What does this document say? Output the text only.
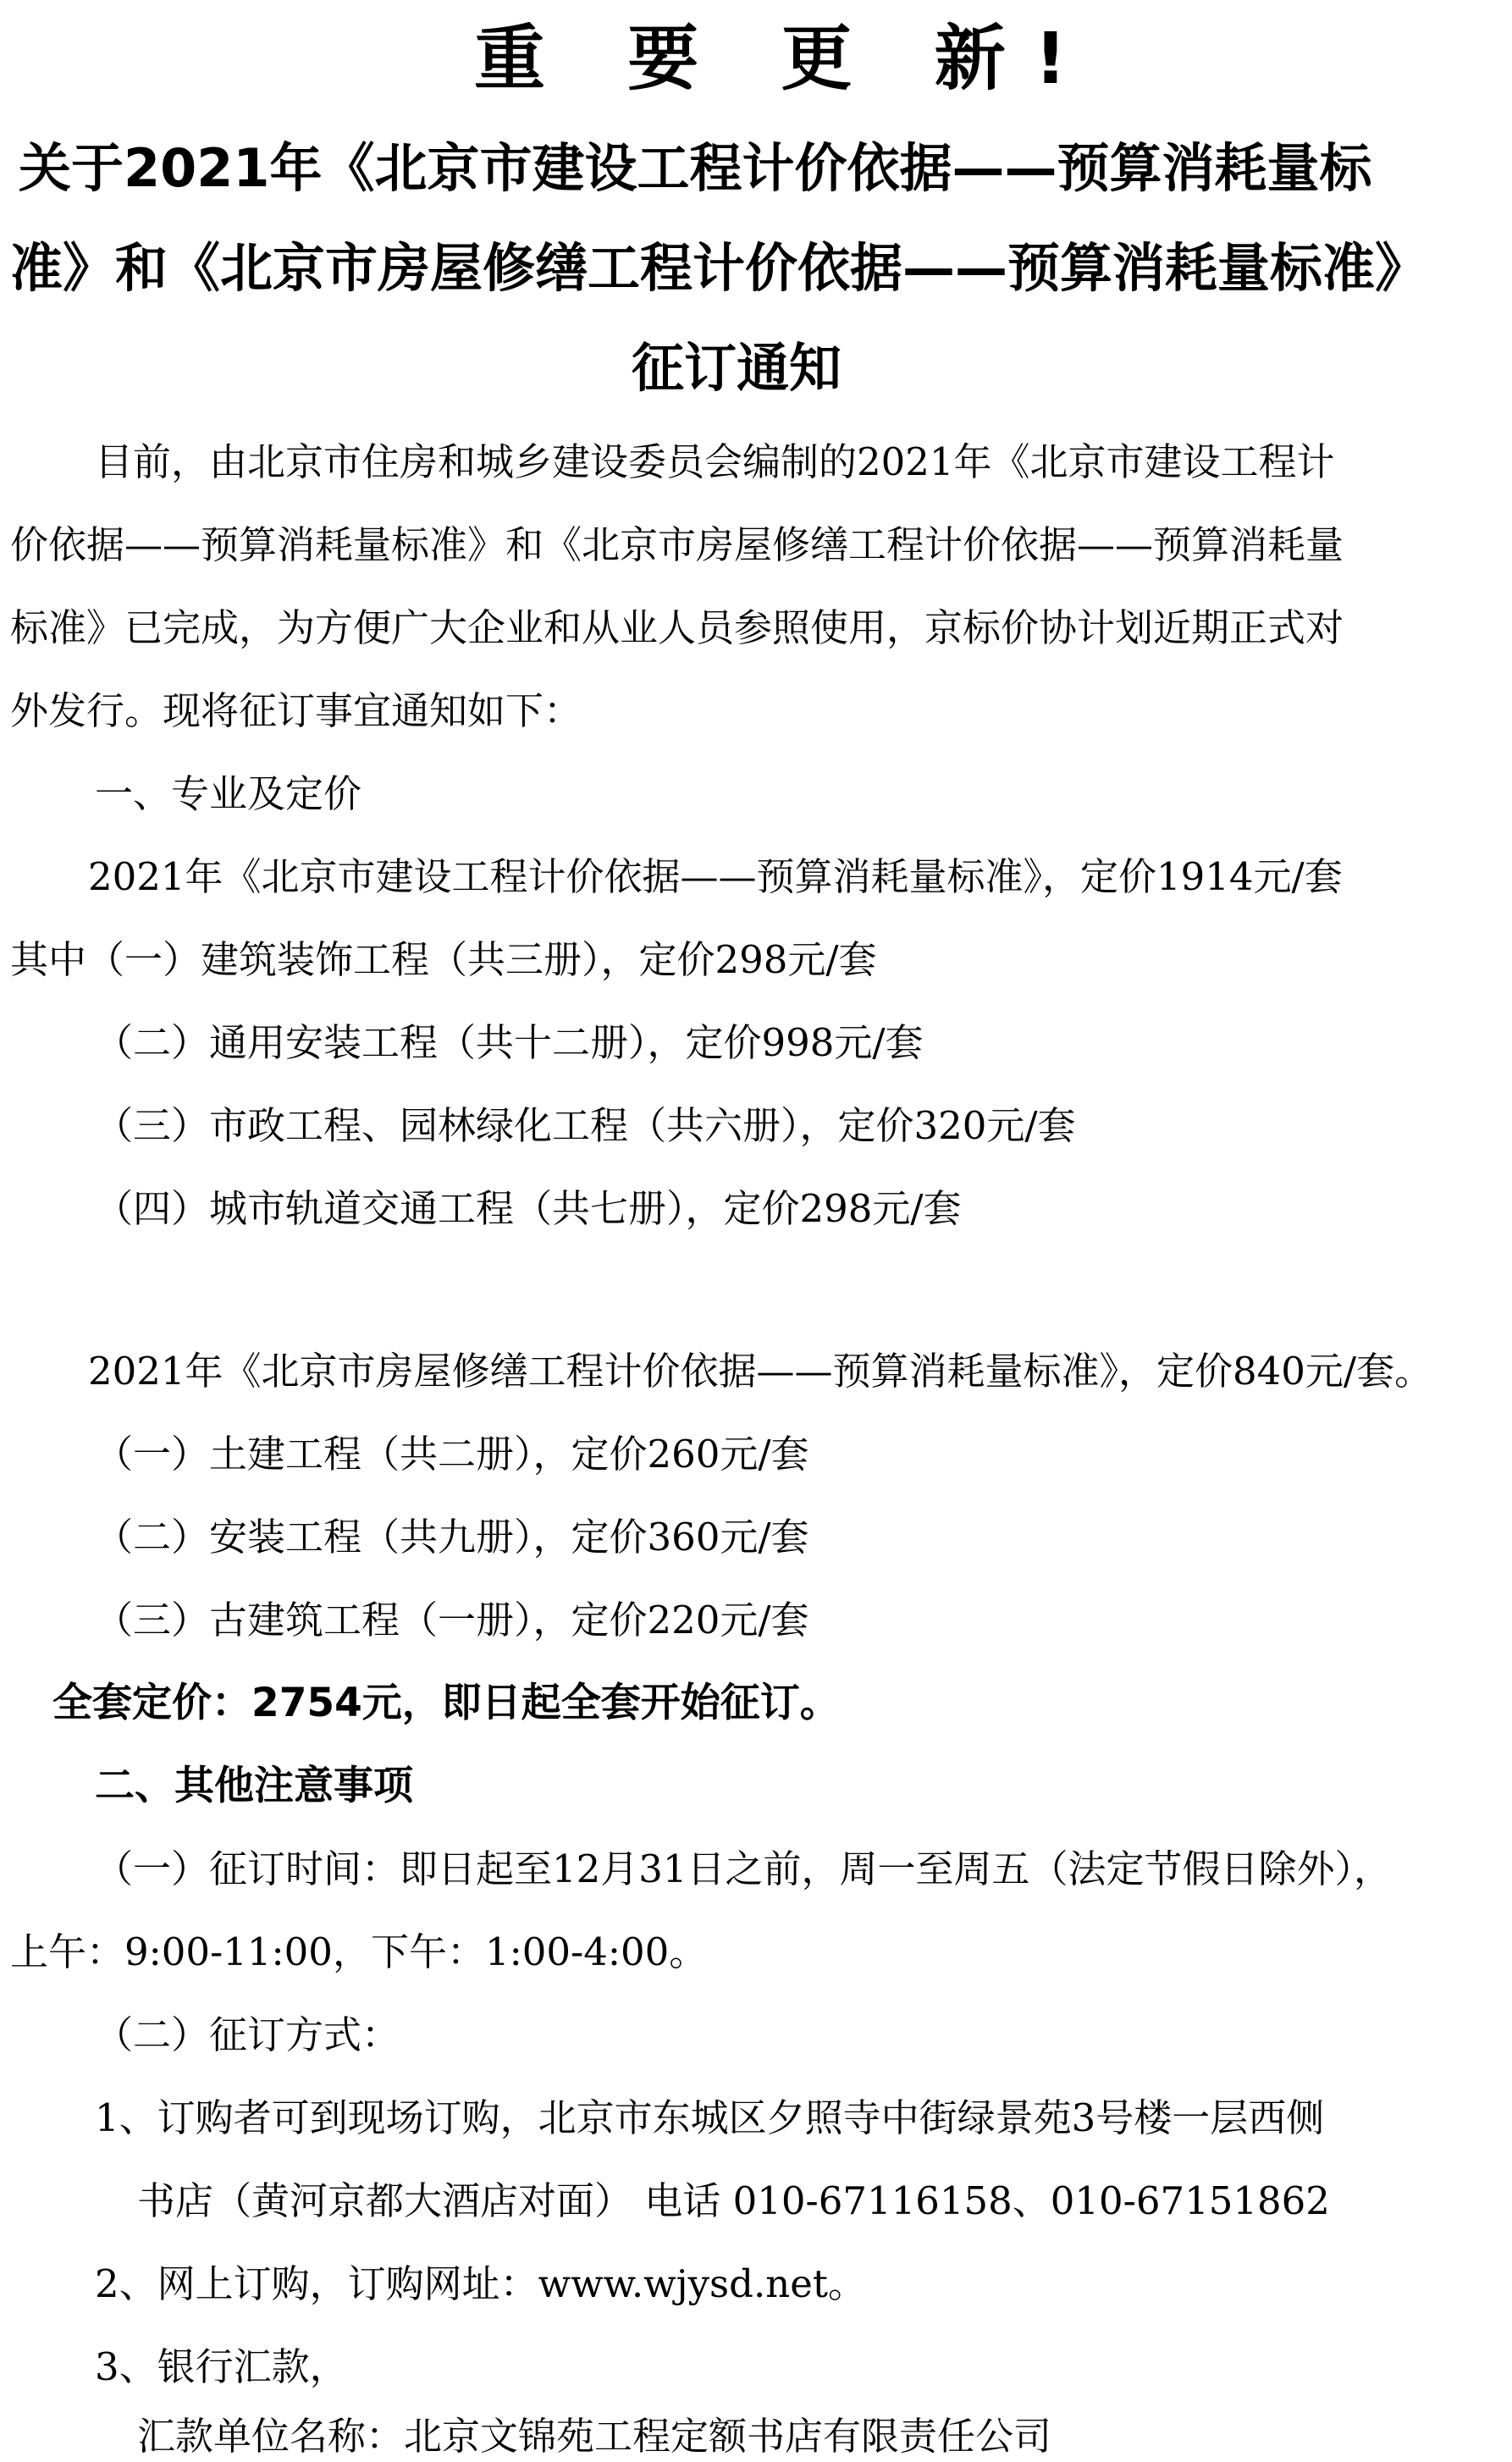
重 要 更 新!
关于2021年《北京市建设工程计价依据——预算消耗量标
准》和《北京市房屋修缮工程计价依据——预算消耗量标准》
征订通知
目前，由北京市住房和城乡建设委员会编制的2021年《北京市建设工程计
价依据——预算消耗量标准》和《北京市房屋修缮工程计价依据——预算消耗量
标准》已完成，为方便广大企业和从业人员参照使用，京标价协计划近期正式对
外发行。现将征订事宜通知如下：
一、专业及定价
2021年《北京市建设工程计价依据——预算消耗量标准》，定价1914元/套
其中（一）建筑装饰工程（共三册），定价298元/套
（二）通用安装工程（共十二册），定价998元/套
（三）市政工程、园林绿化工程（共六册），定价320元/套
（四）城市轨道交通工程（共七册），定价298元/套
2021年《北京市房屋修缮工程计价依据——预算消耗量标准》，定价840元/套。
（一）土建工程（共二册），定价260元/套
（二）安装工程（共九册），定价360元/套
（三）古建筑工程（一册），定价220元/套
全套定价：2754元，即日起全套开始征订。
二、其他注意事项
（一）征订时间：即日起至12月31日之前，周一至周五（法定节假日除外），
上午：9:00-11:00，下午：1:00-4:00。
（二）征订方式：
1、订购者可到现场订购，北京市东城区夕照寺中街绿景苑3号楼一层西侧
书店（黄河京都大酒店对面） 电话 010-67116158、010-67151862
2、网上订购，订购网址：www.wjysd.net。
3、银行汇款，
汇款单位名称：北京文锦苑工程定额书店有限责任公司
